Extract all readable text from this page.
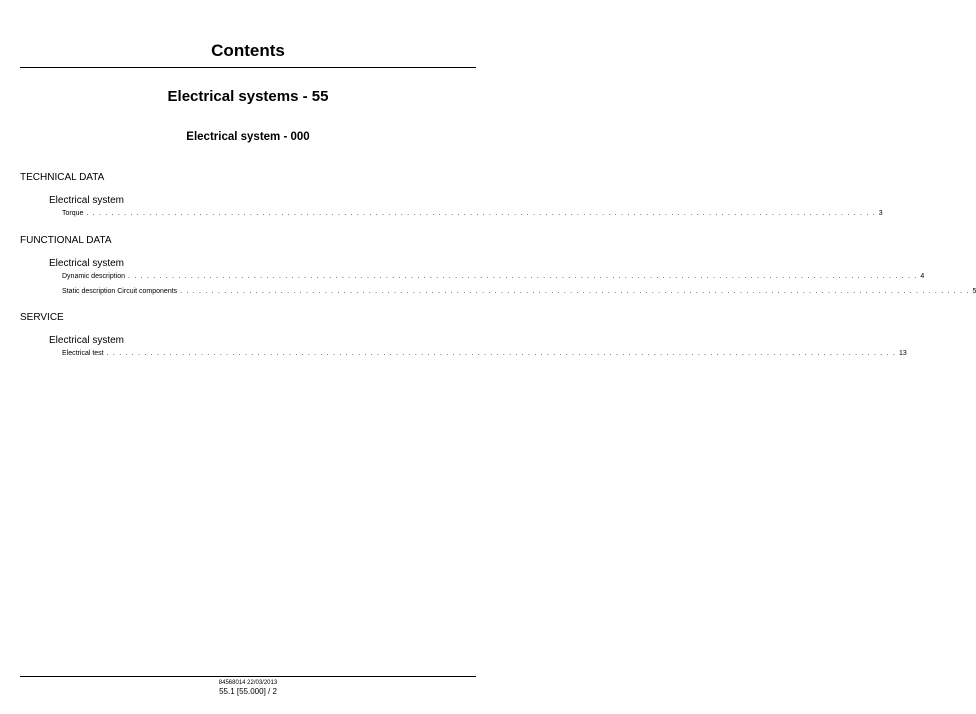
Contents
Electrical systems - 55
Electrical system - 000
TECHNICAL DATA
Electrical system
Torque . . . . . . . . . . . . . . . . . . . . . . . . . . . . . . . . . . . . . . . . . . . . . . . . . . . . . . . . . . . . . . . . . . . . . . . . . . . . . . . . . . . . . . . . . . . . . . . . . . . . . . . . . . . . . . . . . . . . . . . . . . . . . . 3
FUNCTIONAL DATA
Electrical system
Dynamic description . . . . . . . . . . . . . . . . . . . . . . . . . . . . . . . . . . . . . . . . . . . . . . . . . . . . . . . . . . . . . . . . . . . . . . . . . . . . . . . . . . . . . . . . . . . . . . . . . . . . . . . . . . . . . . . . . . . . . . . . . . . . . . 4
Static description Circuit components . . . . . . . . . . . . . . . . . . . . . . . . . . . . . . . . . . . . . . . . . . . . . . . . . . . . . . . . . . . . . . . . . . . . . . . . . . . . . . . . . . . . . . . . . . . . . . . . . . . . . . . . . . . . . . . . . . . . . . . . . . . . . . 5
SERVICE
Electrical system
Electrical test . . . . . . . . . . . . . . . . . . . . . . . . . . . . . . . . . . . . . . . . . . . . . . . . . . . . . . . . . . . . . . . . . . . . . . . . . . . . . . . . . . . . . . . . . . . . . . . . . . . . . . . . . . . . . . . . . . . . . . . . . . . . . . 13
84568014 22/03/2013
55.1 [55.000] / 2
